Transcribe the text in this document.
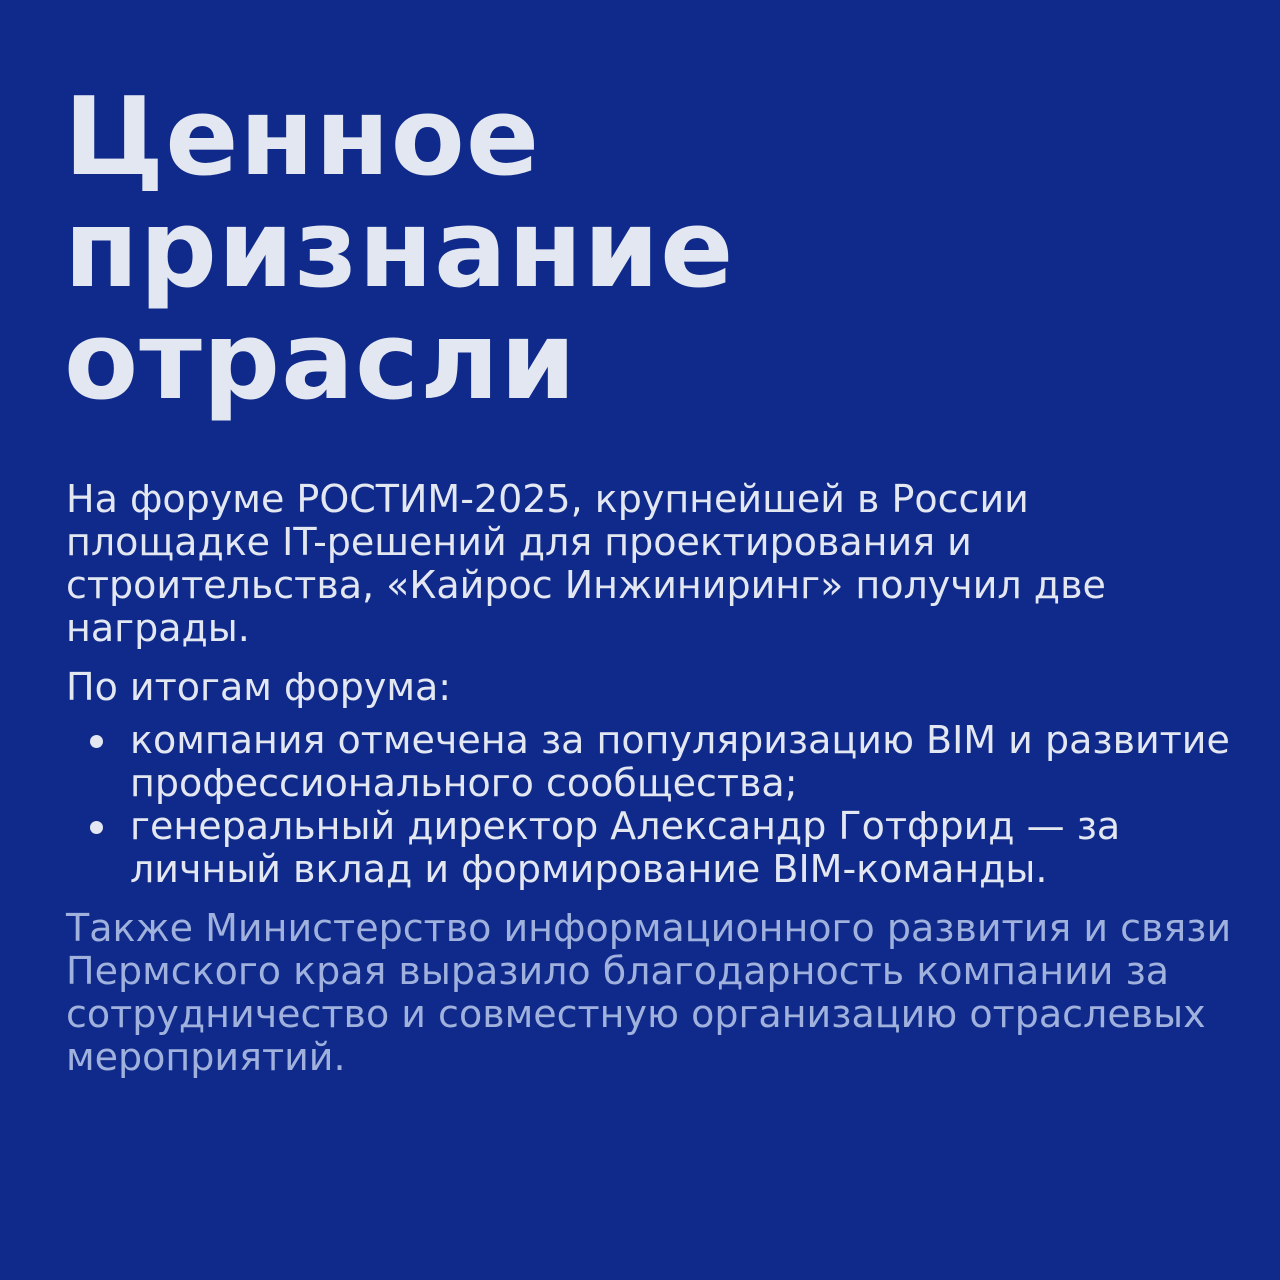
Ценное
признание
отрасли

На форуме РОСТИМ-2025, крупнейшей в России площадке IT-решений для проектирования и строительства, «Кайрос Инжиниринг» получил две награды.

По итогам форума:

компания отмечена за популяризацию BIM и развитие профессионального сообщества;
генеральный директор Александр Готфрид — за личный вклад и формирование BIM-команды.

Также Министерство информационного развития и связи Пермского края выразило благодарность компании за сотрудничество и совместную организацию отраслевых мероприятий.
